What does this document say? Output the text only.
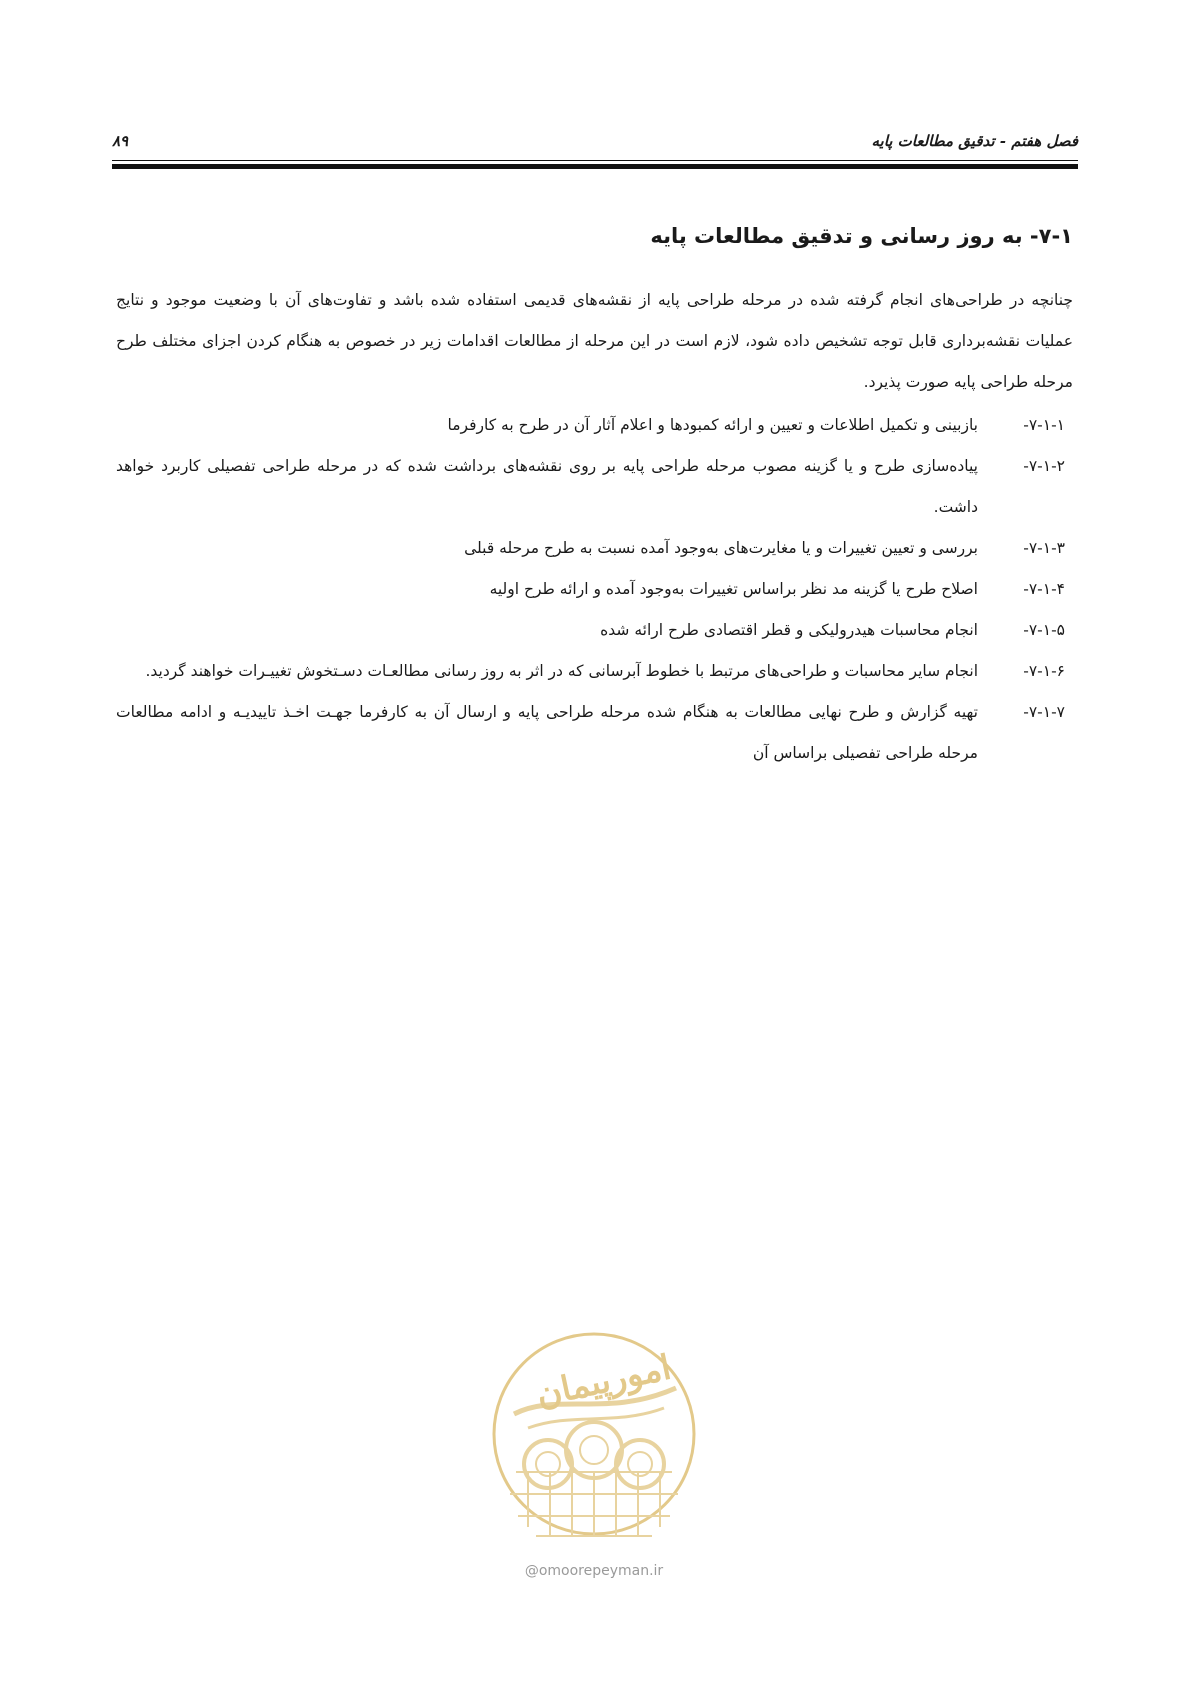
فصل هفتم - تدقیق مطالعات پایه
۸۹
۷-۱- به روز رسانی و تدقیق مطالعات پایه

چنانچه در طراحی‌های انجام گرفته شده در مرحله طراحی پایه از نقشه‌های قدیمی استفاده شده باشد و تفاوت‌های آن با وضعیت موجود و نتایج عملیات نقشه‌برداری قابل توجه تشخیص داده شود، لازم است در این مرحله از مطالعات اقدامات زیر در خصوص به هنگام کردن اجزای مختلف طرح مرحله طراحی پایه صورت پذیرد.

۷-۱-۱-
بازبینی و تکمیل اطلاعات و تعیین و ارائه کمبودها و اعلام آثار آن در طرح به کارفرما
۷-۱-۲-
پیاده‌سازی طرح و یا گزینه مصوب مرحله طراحی پایه بر روی نقشه‌های برداشت شده که در مرحله طراحی تفصیلی کاربرد خواهد داشت.
۷-۱-۳-
بررسی و تعیین تغییرات و یا مغایرت‌های به‌وجود آمده نسبت به طرح مرحله قبلی
۷-۱-۴-
اصلاح طرح یا گزینه مد نظر براساس تغییرات به‌وجود آمده و ارائه طرح اولیه
۷-۱-۵-
انجام محاسبات هیدرولیکی و قطر اقتصادی طرح ارائه شده
۷-۱-۶-
انجام سایر محاسبات و طراحی‌های مرتبط با خطوط آبرسانی که در اثر به روز رسانی مطالعـات دسـتخوش تغییـرات خواهند گردید.
۷-۱-۷-
تهیه گزارش و طرح نهایی مطالعات به هنگام شده مرحله طراحی پایه و ارسال آن به کارفرما جهـت اخـذ تاییدیـه و ادامه مطالعات مرحله طراحی تفصیلی براساس آن
امورپیمان
@omoorepeyman.ir
